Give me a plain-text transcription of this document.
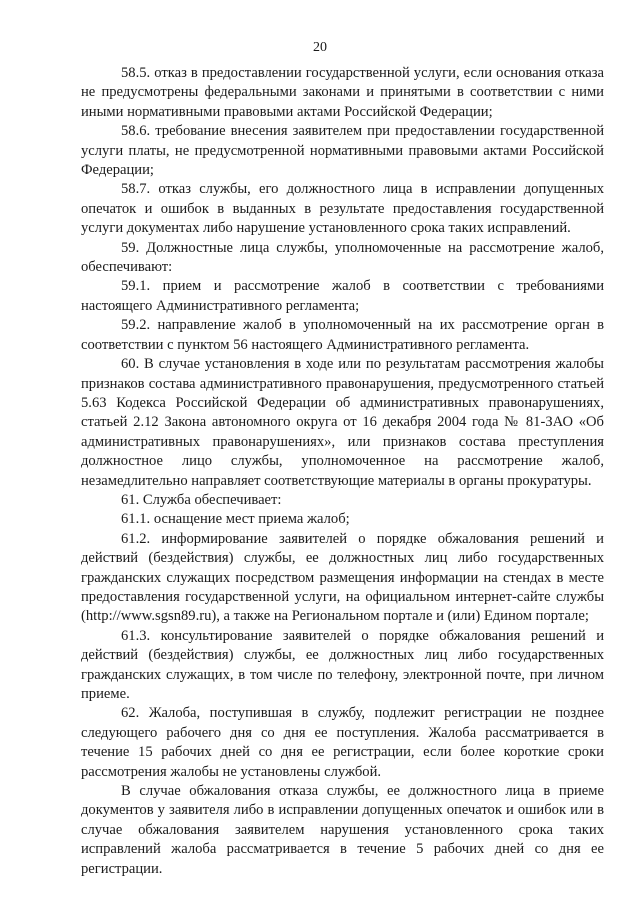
20

58.5. отказ в предоставлении государственной услуги, если основания отказа не предусмотрены федеральными законами и принятыми в соответствии с ними иными нормативными правовыми актами Российской Федерации;

58.6. требование внесения заявителем при предоставлении государственной услуги платы, не предусмотренной нормативными правовыми актами Российской Федерации;

58.7. отказ службы, его должностного лица в исправлении допущенных опечаток и ошибок в выданных в результате предоставления государственной услуги документах либо нарушение установленного срока таких исправлений.

59. Должностные лица службы, уполномоченные на рассмотрение жалоб, обеспечивают:

59.1. прием и рассмотрение жалоб в соответствии с требованиями настоящего Административного регламента;

59.2. направление жалоб в уполномоченный на их рассмотрение орган в соответствии с пунктом 56 настоящего Административного регламента.

60. В случае установления в ходе или по результатам рассмотрения жалобы признаков состава административного правонарушения, предусмотренного статьей 5.63 Кодекса Российской Федерации об административных правонарушениях, статьей 2.12 Закона автономного округа от 16 декабря 2004 года № 81-ЗАО «Об административных правонарушениях», или признаков состава преступления должностное лицо службы, уполномоченное на рассмотрение жалоб, незамедлительно направляет соответствующие материалы в органы прокуратуры.

61. Служба обеспечивает:

61.1. оснащение мест приема жалоб;

61.2. информирование заявителей о порядке обжалования решений и действий (бездействия) службы, ее должностных лиц либо государственных гражданских служащих посредством размещения информации на стендах в месте предоставления государственной услуги, на официальном интернет-сайте службы (http://www.sgsn89.ru), а также на Региональном портале и (или) Едином портале;

61.3. консультирование заявителей о порядке обжалования решений и действий (бездействия) службы, ее должностных лиц либо государственных гражданских служащих, в том числе по телефону, электронной почте, при личном приеме.

62. Жалоба, поступившая в службу, подлежит регистрации не позднее следующего рабочего дня со дня ее поступления. Жалоба рассматривается в течение 15 рабочих дней со дня ее регистрации, если более короткие сроки рассмотрения жалобы не установлены службой.

В случае обжалования отказа службы, ее должностного лица в приеме документов у заявителя либо в исправлении допущенных опечаток и ошибок или в случае обжалования заявителем нарушения установленного срока таких исправлений жалоба рассматривается в течение 5 рабочих дней со дня ее регистрации.
